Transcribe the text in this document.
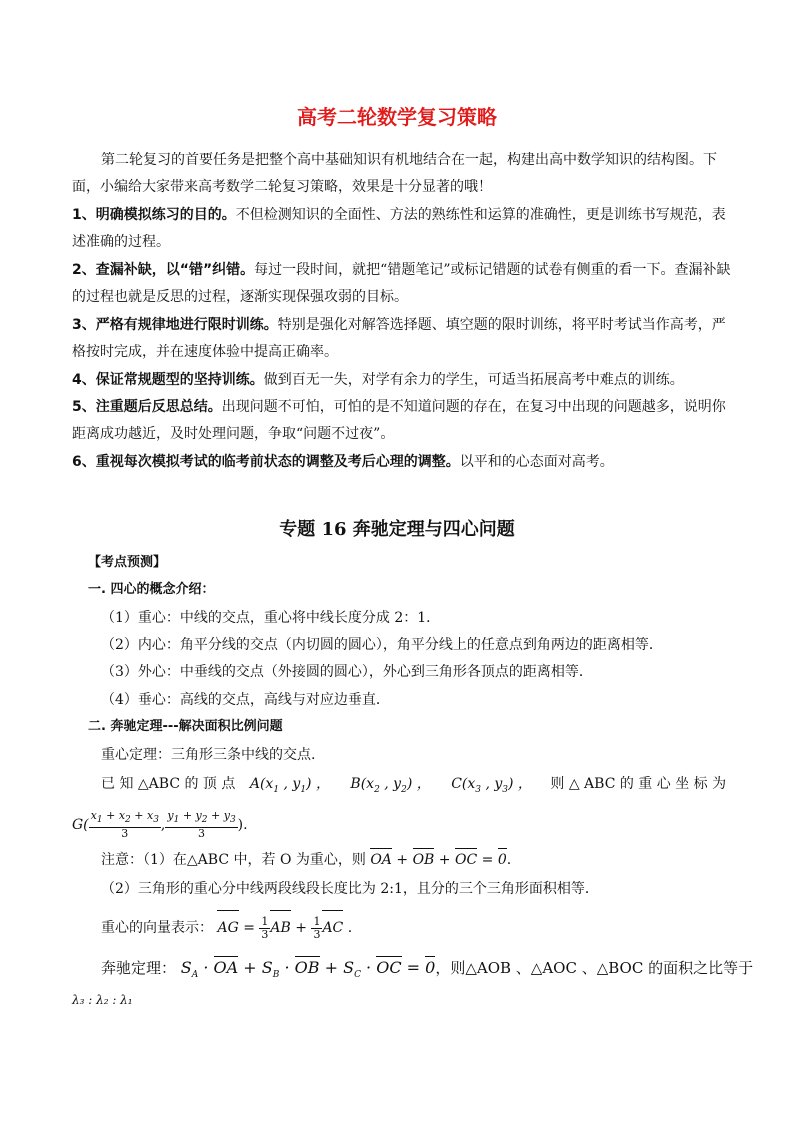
高考二轮数学复习策略
第二轮复习的首要任务是把整个高中基础知识有机地结合在一起，构建出高中数学知识的结构图。下
面，小编给大家带来高考数学二轮复习策略，效果是十分显著的哦！
1、明确模拟练习的目的。不但检测知识的全面性、方法的熟练性和运算的准确性，更是训练书写规范，表
述准确的过程。
2、查漏补缺，以“错”纠错。每过一段时间，就把“错题笔记”或标记错题的试卷有侧重的看一下。查漏补缺
的过程也就是反思的过程，逐渐实现保强攻弱的目标。
3、严格有规律地进行限时训练。特别是强化对解答选择题、填空题的限时训练，将平时考试当作高考，严
格按时完成，并在速度体验中提高正确率。
4、保证常规题型的坚持训练。做到百无一失，对学有余力的学生，可适当拓展高考中难点的训练。
5、注重题后反思总结。出现问题不可怕，可怕的是不知道问题的存在，在复习中出现的问题越多，说明你
距离成功越近，及时处理问题，争取“问题不过夜”。
6、重视每次模拟考试的临考前状态的调整及考后心理的调整。以平和的心态面对高考。
专题 16 奔驰定理与四心问题
【考点预测】
一. 四心的概念介绍：
（1）重心：中线的交点，重心将中线长度分成 2：1．
（2）内心：角平分线的交点（内切圆的圆心），角平分线上的任意点到角两边的距离相等．
（3）外心：中垂线的交点（外接圆的圆心），外心到三角形各顶点的距离相等．
（4）垂心：高线的交点，高线与对应边垂直．
二. 奔驰定理---解决面积比例问题
重心定理：三角形三条中线的交点.
已 知 △ABC 的 顶 点 $A(x_1$ , $y_1$) ， $B(x_2$ , $y_2$) ， $C(x_3$ , $y_3$) ， 则 △ ABC 的 重 心 坐 标 为
$G( \frac{x_1 + x_2 + x_3}{3}$ , $\frac{y_1 + y_2 + y_3}{3}$ ).
注意：（1）在△ABC 中，若 O 为重心，则 OA + OB + OC = 0.
（2）三角形的重心分中线两段线段长度比为 2:1，且分的三个三角形面积相等．
重心的向量表示： AG = $\frac{1}{3}$ AB + $\frac{1}{3}$ AC .
奔驰定理： $S_A$ · OA + $S_B$ · OB + $S_C$ · OC = 0，则△AOB 、△AOC 、△BOC 的面积之比等于
λ₃ : λ₂ : λ₁
